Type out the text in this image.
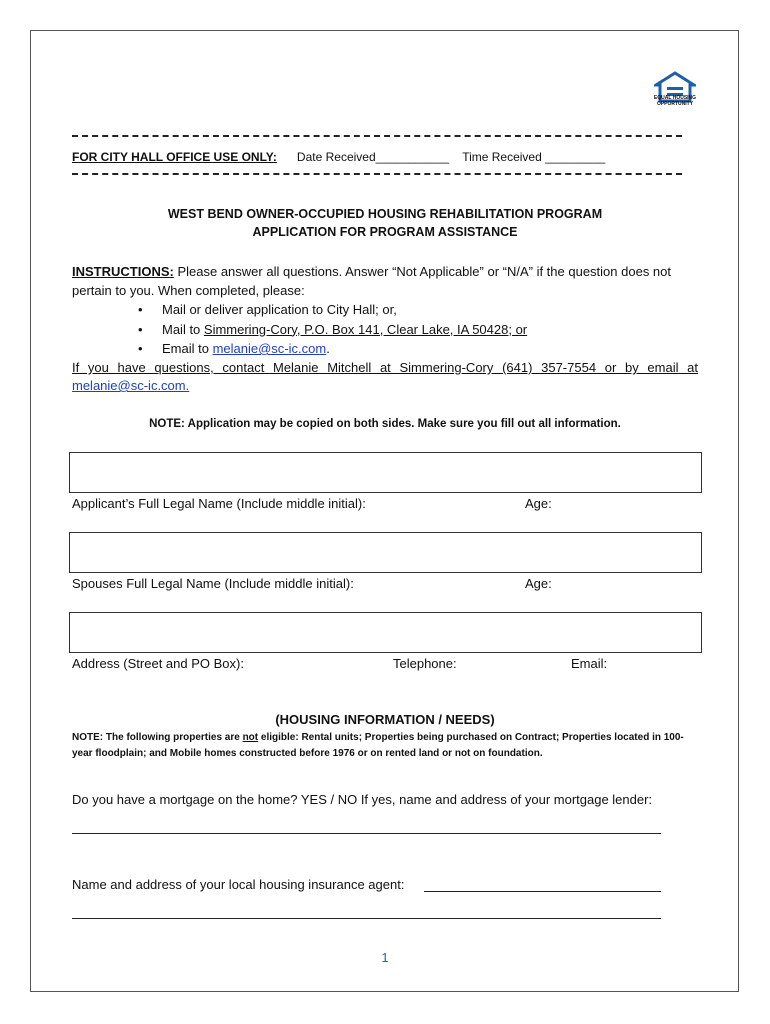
EQUAL HOUSING OPPORTUNITY
FOR CITY HALL OFFICE USE ONLY: Date Received___________ Time Received _________
WEST BEND OWNER-OCCUPIED HOUSING REHABILITATION PROGRAM
APPLICATION FOR PROGRAM ASSISTANCE
INSTRUCTIONS: Please answer all questions. Answer “Not Applicable” or “N/A” if the question does not pertain to you. When completed, please:
• Mail or deliver application to City Hall; or,
• Mail to Simmering-Cory, P.O. Box 141, Clear Lake, IA 50428; or
• Email to melanie@sc-ic.com.
If you have questions, contact Melanie Mitchell at Simmering-Cory (641) 357-7554 or by email at
melanie@sc-ic.com.
NOTE: Application may be copied on both sides. Make sure you fill out all information.
Applicant’s Full Legal Name (Include middle initial):	Age:
Spouses Full Legal Name (Include middle initial):	Age:
Address (Street and PO Box):	Telephone:	Email:
(HOUSING INFORMATION / NEEDS)
NOTE: The following properties are not eligible: Rental units; Properties being purchased on Contract; Properties located in 100-year floodplain; and Mobile homes constructed before 1976 or on rented land or not on foundation.
Do you have a mortgage on the home? YES / NO If yes, name and address of your mortgage lender:
Name and address of your local housing insurance agent:
1
